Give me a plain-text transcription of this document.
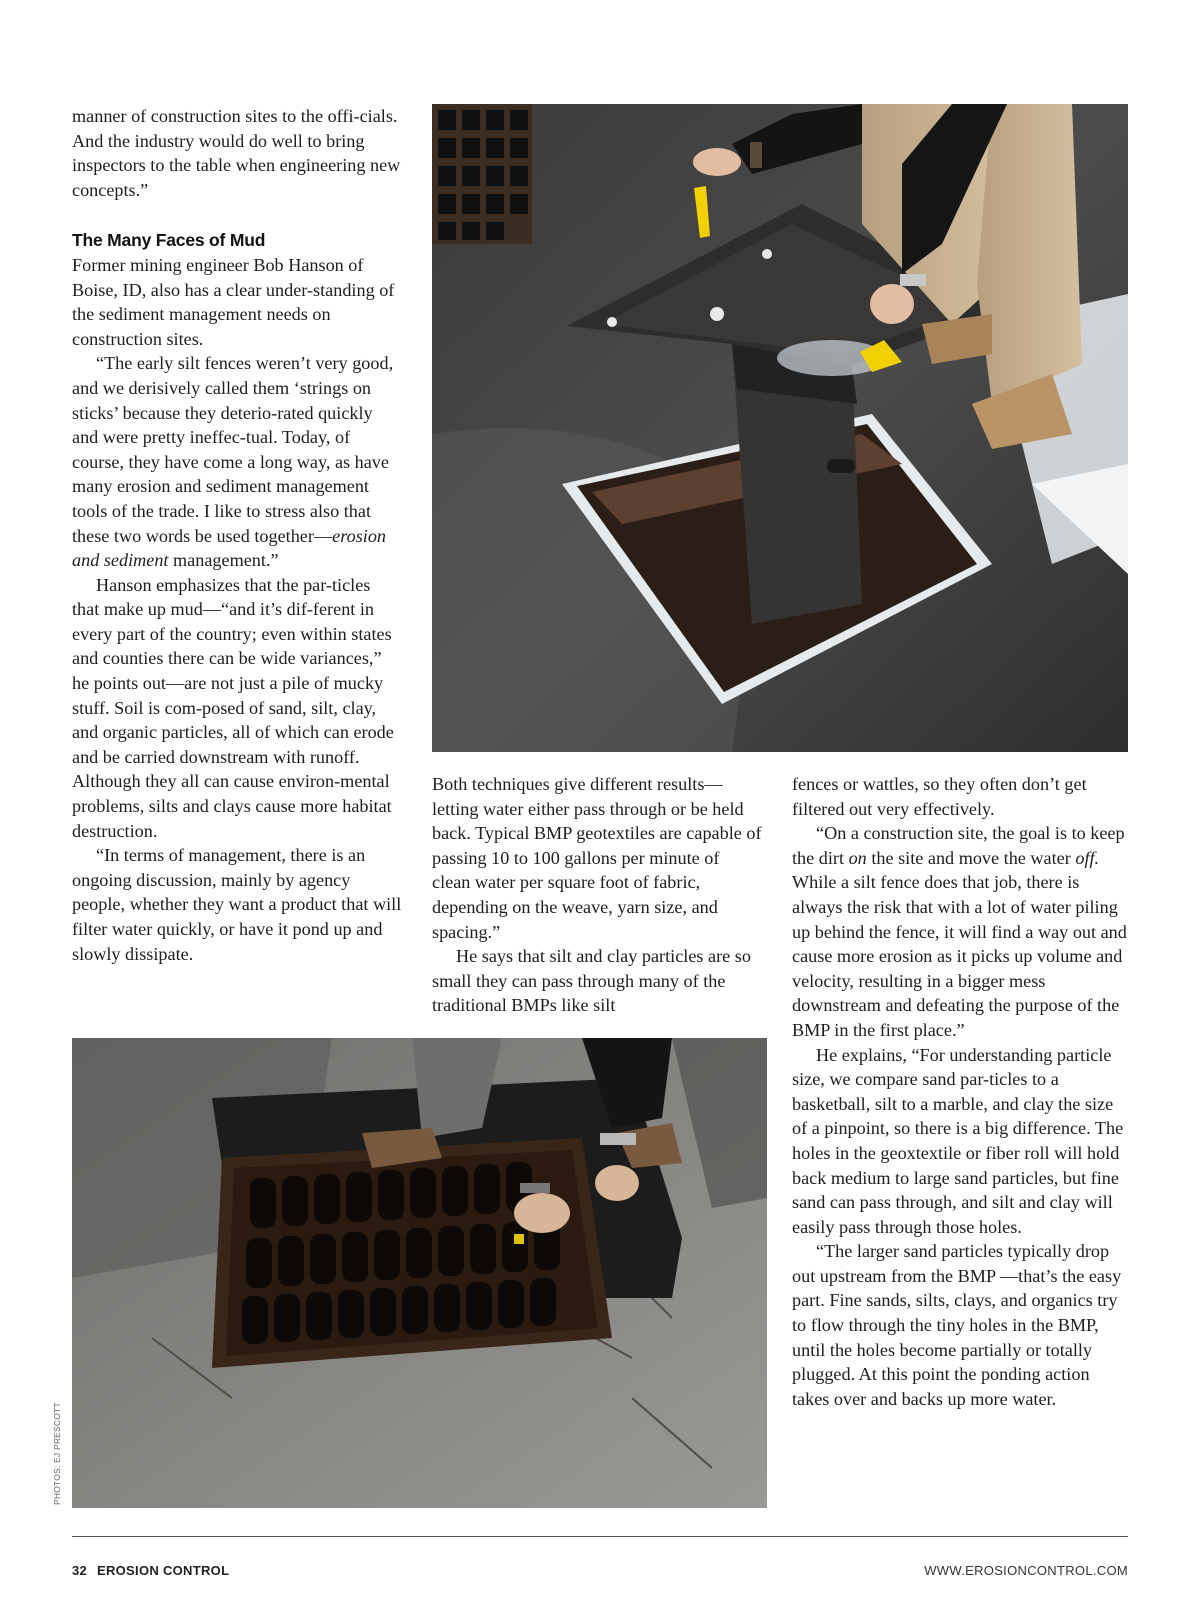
manner of construction sites to the offi-cials. And the industry would do well to bring inspectors to the table when engineering new concepts.”

The Many Faces of Mud

Former mining engineer Bob Hanson of Boise, ID, also has a clear under-standing of the sediment management needs on construction sites.

“The early silt fences weren’t very good, and we derisively called them ‘strings on sticks’ because they deterio-rated quickly and were pretty ineffec-tual. Today, of course, they have come a long way, as have many erosion and sediment management tools of the trade. I like to stress also that these two words be used together—erosion and sediment management.”

Hanson emphasizes that the par-ticles that make up mud—“and it’s dif-ferent in every part of the country; even within states and counties there can be wide variances,” he points out—are not just a pile of mucky stuff. Soil is com-posed of sand, silt, clay, and organic particles, all of which can erode and be carried downstream with runoff. Although they all can cause environ-mental problems, silts and clays cause more habitat destruction.

“In terms of management, there is an ongoing discussion, mainly by agency people, whether they want a product that will filter water quickly, or have it pond up and slowly dissipate.

Both techniques give different results—letting water either pass through or be held back. Typical BMP geotextiles are capable of passing 10 to 100 gallons per minute of clean water per square foot of fabric, depending on the weave, yarn size, and spacing.”

He says that silt and clay particles are so small they can pass through many of the traditional BMPs like silt

fences or wattles, so they often don’t get filtered out very effectively.

“On a construction site, the goal is to keep the dirt on the site and move the water off. While a silt fence does that job, there is always the risk that with a lot of water piling up behind the fence, it will find a way out and cause more erosion as it picks up volume and velocity, resulting in a bigger mess downstream and defeating the purpose of the BMP in the first place.”

He explains, “For understanding particle size, we compare sand par-ticles to a basketball, silt to a marble, and clay the size of a pinpoint, so there is a big difference. The holes in the geoxtextile or fiber roll will hold back medium to large sand particles, but fine sand can pass through, and silt and clay will easily pass through those holes.

“The larger sand particles typically drop out upstream from the BMP —that’s the easy part. Fine sands, silts, clays, and organics try to flow through the tiny holes in the BMP, until the holes become partially or totally plugged. At this point the ponding action takes over and backs up more water.

PHOTOS: EJ PRESCOTT
32 EROSION CONTROL	WWW.EROSIONCONTROL.COM
